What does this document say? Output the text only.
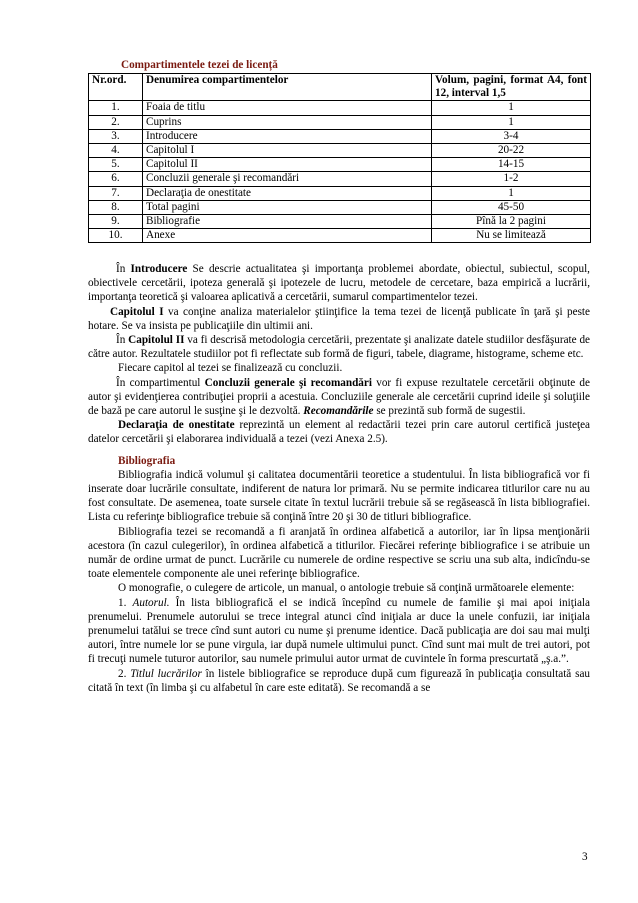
Compartimentele tezei de licență
Nr.ord.	Denumirea compartimentelor	Volum, pagini, format A4, font 12, interval 1,5
1.	Foaia de titlu	1
2.	Cuprins	1
3.	Introducere	3-4
4.	Capitolul I	20-22
5.	Capitolul II	14-15
6.	Concluzii generale şi recomandări	1-2
7.	Declaraţia de onestitate	1
8.	Total pagini	45-50
9.	Bibliografie	Pînă la 2 pagini
10.	Anexe	Nu se limitează

În Introducere Se descrie actualitatea şi importanţa problemei abordate, obiectul, subiectul, scopul, obiectivele cercetării, ipoteza generală şi ipotezele de lucru, metodele de cercetare, baza empirică a lucrării, importanţa teoretică şi valoarea aplicativă a cercetării, sumarul compartimentelor tezei.

Capitolul I va conţine analiza materialelor ştiinţifice la tema tezei de licenţă publicate în ţară şi peste hotare. Se va insista pe publicaţiile din ultimii ani.

În Capitolul II va fi descrisă metodologia cercetării, prezentate şi analizate datele studiilor desfăşurate de către autor. Rezultatele studiilor pot fi reflectate sub formă de figuri, tabele, diagrame, histograme, scheme etc.

Fiecare capitol al tezei se finalizează cu concluzii.

În compartimentul Concluzii generale şi recomandări vor fi expuse rezultatele cercetării obţinute de autor şi evidenţierea contribuţiei proprii a acestuia. Concluziile generale ale cercetării cuprind ideile şi soluţiile de bază pe care autorul le susţine şi le dezvoltă. Recomandările se prezintă sub formă de sugestii.

Declaraţia de onestitate reprezintă un element al redactării tezei prin care autorul certifică justeţea datelor cercetării şi elaborarea individuală a tezei (vezi Anexa 2.5).

Bibliografia

Bibliografia indică volumul şi calitatea documentării teoretice a studentului. În lista bibliografică vor fi inserate doar lucrările consultate, indiferent de natura lor primară. Nu se permite indicarea titlurilor care nu au fost consultate. De asemenea, toate sursele citate în textul lucrării trebuie să se regăsească în lista bibliografiei. Lista cu referinţe bibliografice trebuie să conţină între 20 şi 30 de titluri bibliografice.

Bibliografia tezei se recomandă a fi aranjată în ordinea alfabetică a autorilor, iar în lipsa menţionării acestora (în cazul culegerilor), în ordinea alfabetică a titlurilor. Fiecărei referinţe bibliografice i se atribuie un număr de ordine urmat de punct. Lucrările cu numerele de ordine respective se scriu una sub alta, indicîndu-se toate elementele componente ale unei referinţe bibliografice.

O monografie, o culegere de articole, un manual, o antologie trebuie să conţină următoarele elemente:

1. Autorul. În lista bibliografică el se indică începînd cu numele de familie şi mai apoi iniţiala prenumelui. Prenumele autorului se trece integral atunci cînd iniţiala ar duce la unele confuzii, iar iniţiala prenumelui tatălui se trece cînd sunt autori cu nume şi prenume identice. Dacă publicaţia are doi sau mai mulţi autori, între numele lor se pune virgula, iar după numele ultimului punct. Cînd sunt mai mult de trei autori, pot fi trecuţi numele tuturor autorilor, sau numele primului autor urmat de cuvintele în forma prescurtată „ş.a.”.

2. Titlul lucrărilor în listele bibliografice se reproduce după cum figurează în publicaţia consultată sau citată în text (în limba şi cu alfabetul în care este editată). Se recomandă a se

3
